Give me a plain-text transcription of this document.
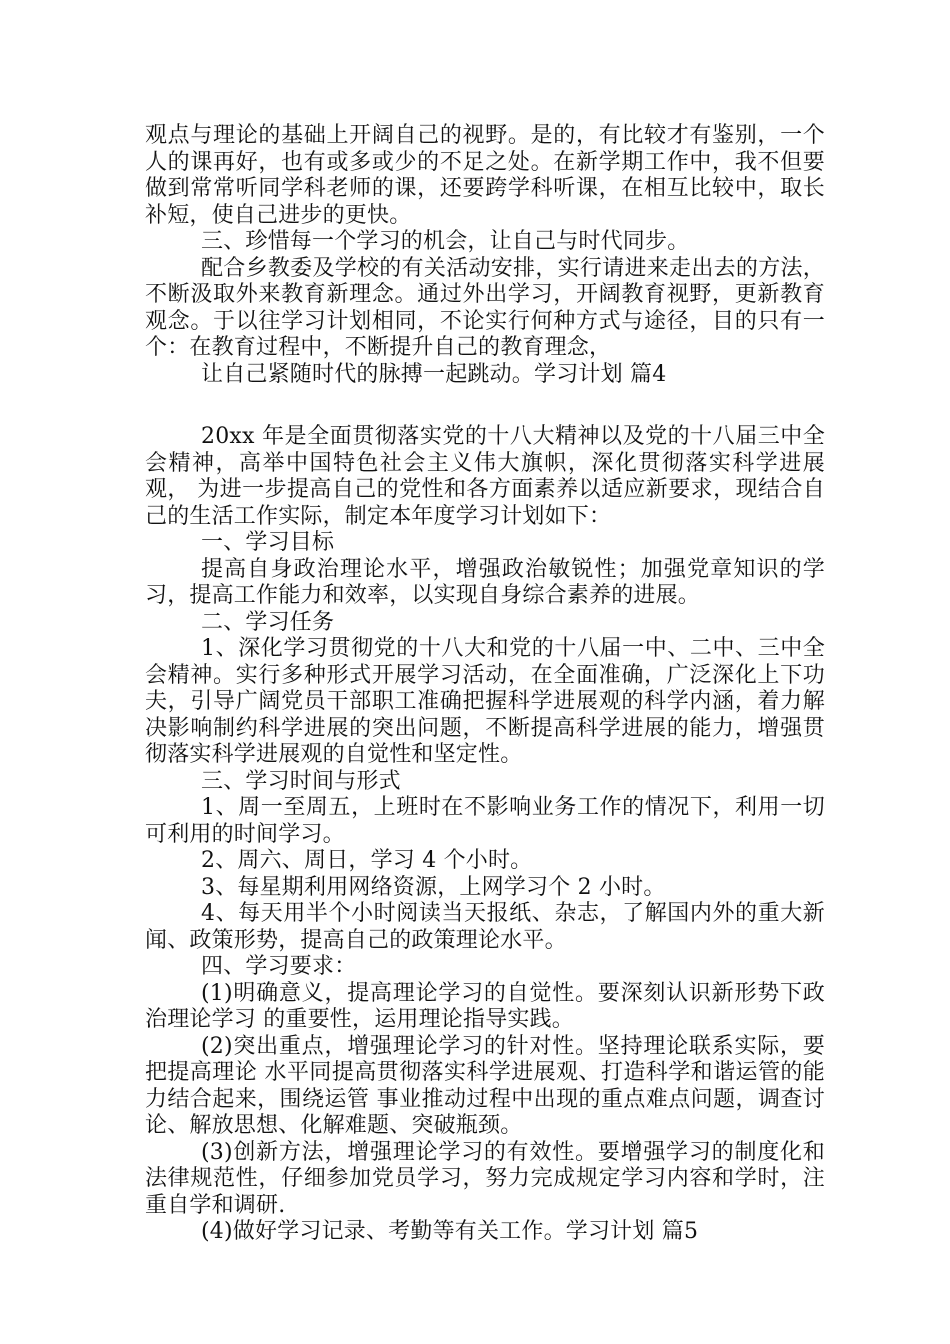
观点与理论的基础上开阔自己的视野。是的，有比较才有鉴别，一个人的课再好，也有或多或少的不足之处。在新学期工作中，我不但要做到常常听同学科老师的课，还要跨学科听课，在相互比较中，取长补短，使自己进步的更快。

三、珍惜每一个学习的机会，让自己与时代同步。

配合乡教委及学校的有关活动安排，实行请进来走出去的方法，不断汲取外来教育新理念。通过外出学习，开阔教育视野，更新教育观念。于以往学习计划相同，不论实行何种方式与途径，目的只有一个：在教育过程中，不断提升自己的教育理念，

让自己紧随时代的脉搏一起跳动。学习计划 篇4

20xx 年是全面贯彻落实党的十八大精神以及党的十八届三中全会精神，高举中国特色社会主义伟大旗帜，深化贯彻落实科学进展观， 为进一步提高自己的党性和各方面素养以适应新要求，现结合自己的生活工作实际，制定本年度学习计划如下：

一、学习目标

提高自身政治理论水平，增强政治敏锐性；加强党章知识的学习，提高工作能力和效率，以实现自身综合素养的进展。

二、学习任务

1、深化学习贯彻党的十八大和党的十八届一中、二中、三中全会精神。实行多种形式开展学习活动，在全面准确，广泛深化上下功夫，引导广阔党员干部职工准确把握科学进展观的科学内涵，着力解决影响制约科学进展的突出问题，不断提高科学进展的能力，增强贯彻落实科学进展观的自觉性和坚定性。

三、学习时间与形式

1、周一至周五，上班时在不影响业务工作的情况下，利用一切可利用的时间学习。

2、周六、周日，学习 4 个小时。

3、每星期利用网络资源，上网学习个 2 小时。

4、每天用半个小时阅读当天报纸、杂志，了解国内外的重大新闻、政策形势，提高自己的政策理论水平。

四、学习要求：

(1)明确意义，提高理论学习的自觉性。要深刻认识新形势下政治理论学习 的重要性，运用理论指导实践。

(2)突出重点，增强理论学习的针对性。坚持理论联系实际，要把提高理论 水平同提高贯彻落实科学进展观、打造科学和谐运管的能力结合起来，围绕运管 事业推动过程中出现的重点难点问题，调查讨论、解放思想、化解难题、突破瓶颈。

(3)创新方法，增强理论学习的有效性。要增强学习的制度化和法律规范性，仔细参加党员学习，努力完成规定学习内容和学时，注重自学和调研.

(4)做好学习记录、考勤等有关工作。学习计划 篇5
